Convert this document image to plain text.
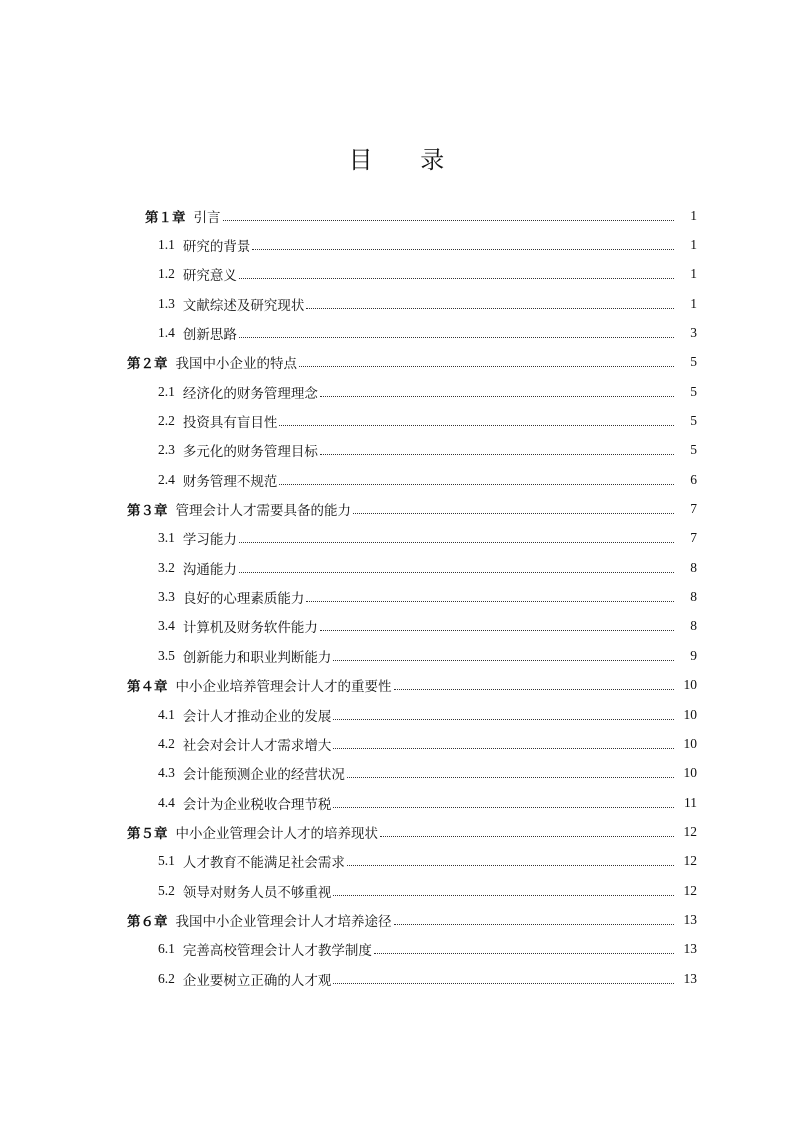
目 录
第１章 引言	1
1.1 研究的背景	1
1.2 研究意义	1
1.3 文献综述及研究现状	1
1.4 创新思路	3
第２章 我国中小企业的特点	5
2.1 经济化的财务管理理念	5
2.2 投资具有盲目性	5
2.3 多元化的财务管理目标	5
2.4 财务管理不规范	6
第３章 管理会计人才需要具备的能力	7
3.1 学习能力	7
3.2 沟通能力	8
3.3 良好的心理素质能力	8
3.4 计算机及财务软件能力	8
3.5 创新能力和职业判断能力	9
第４章 中小企业培养管理会计人才的重要性	10
4.1 会计人才推动企业的发展	10
4.2 社会对会计人才需求增大	10
4.3 会计能预测企业的经营状况	10
4.4 会计为企业税收合理节税	11
第５章 中小企业管理会计人才的培养现状	12
5.1 人才教育不能满足社会需求	12
5.2 领导对财务人员不够重视	12
第６章 我国中小企业管理会计人才培养途径	13
6.1 完善高校管理会计人才教学制度	13
6.2 企业要树立正确的人才观	13
